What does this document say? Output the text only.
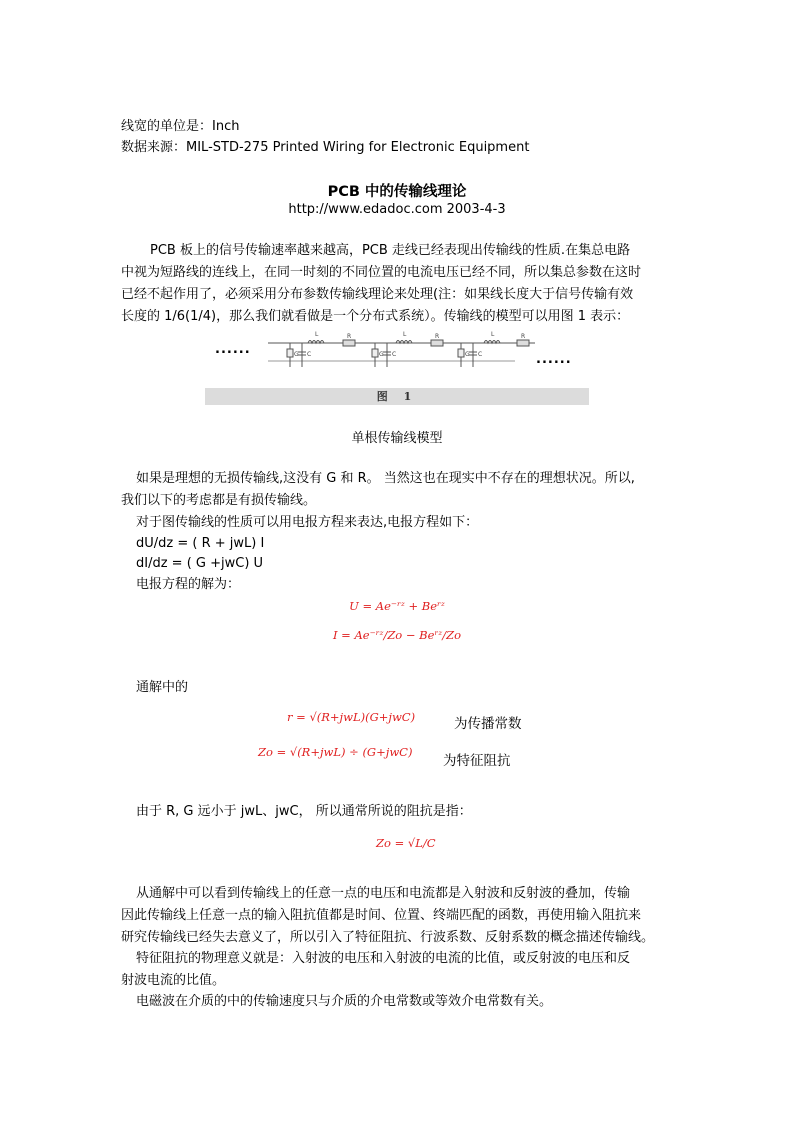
线宽的单位是：Inch
数据来源：MIL-STD-275 Printed Wiring for Electronic Equipment
PCB 中的传输线理论
http://www.edadoc.com 2003-4-3
PCB 板上的信号传输速率越来越高，PCB 走线已经表现出传输线的性质.在集总电路
中视为短路线的连线上，在同一时刻的不同位置的电流电压已经不同，所以集总参数在这时
已经不起作用了，必须采用分布参数传输线理论来处理(注：如果线长度大于信号传输有效
长度的 1/6(1/4)，那么我们就看做是一个分布式系统）。传输线的模型可以用图 1 表示：
......
......
L	R
G C
L	R
G C
L	R
G C
图 1
单根传输线模型
如果是理想的无损传输线,这没有 G 和 R。 当然这也在现实中不存在的理想状况。所以,
我们以下的考虑都是有损传输线。
对于图传输线的性质可以用电报方程来表达,电报方程如下：
dU/dz = ( R + jwL) I
dI/dz = ( G +jwC) U
电报方程的解为：
U = Ae⁻ʳᶻ + Beʳᶻ
I = Ae⁻ʳᶻ/Zo − Beʳᶻ/Zo
通解中的
r = √(R+jwL)(G+jwC)	为传播常数
Zo = √(R+jwL) ÷ (G+jwC)
为特征阻抗
由于 R, G 远小于 jwL、jwC， 所以通常所说的阻抗是指：
Zo = √L/C
从通解中可以看到传输线上的任意一点的电压和电流都是入射波和反射波的叠加，传输
因此传输线上任意一点的输入阻抗值都是时间、位置、终端匹配的函数，再使用输入阻抗来
研究传输线已经失去意义了，所以引入了特征阻抗、行波系数、反射系数的概念描述传输线。
特征阻抗的物理意义就是：入射波的电压和入射波的电流的比值，或反射波的电压和反
射波电流的比值。
电磁波在介质的中的传输速度只与介质的介电常数或等效介电常数有关。
